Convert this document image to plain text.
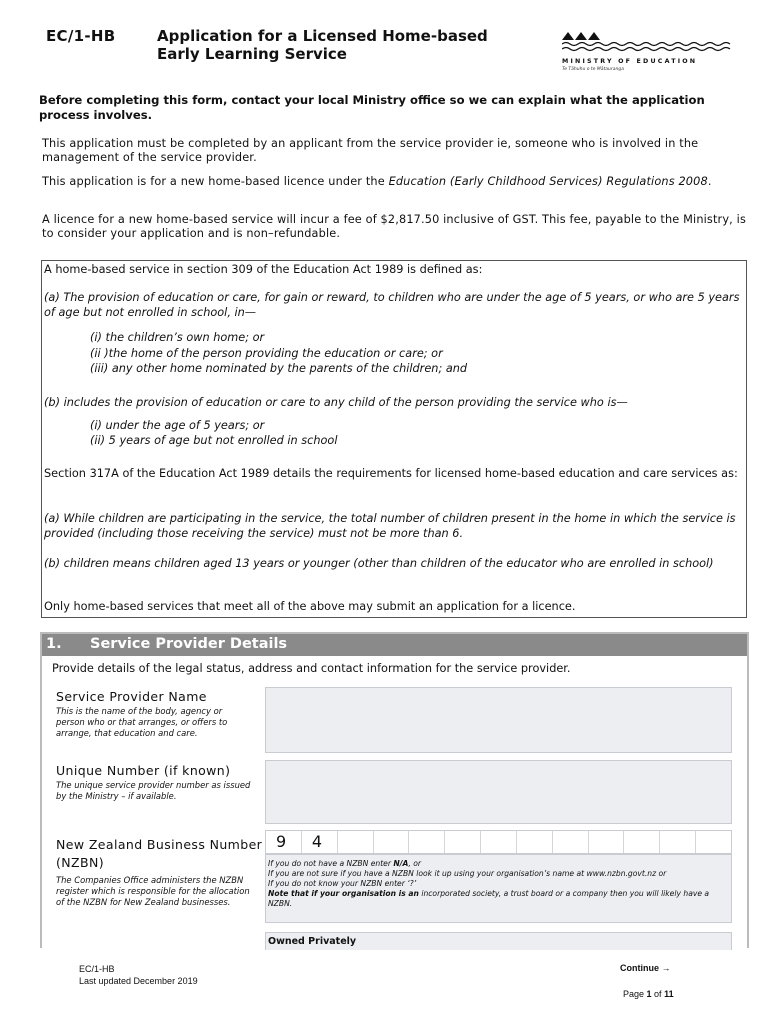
EC/1-HB	Application for a Licensed Home-based
Early Learning Service	MINISTRY OF EDUCATION
Te Tāhuhu o te Mātauranga
Before completing this form, contact your local Ministry office so we can explain what the application process involves.
This application must be completed by an applicant from the service provider ie, someone who is involved in the management of the service provider.
This application is for a new home-based licence under the Education (Early Childhood Services) Regulations 2008.
A licence for a new home-based service will incur a fee of $2,817.50 inclusive of GST. This fee, payable to the Ministry, is to consider your application and is non–refundable.
A home-based service in section 309 of the Education Act 1989 is defined as:
(a) The provision of education or care, for gain or reward, to children who are under the age of 5 years, or who are 5 years of age but not enrolled in school, in—
(i) the children’s own home; or
(ii )the home of the person providing the education or care; or
(iii) any other home nominated by the parents of the children; and
(b) includes the provision of education or care to any child of the person providing the service who is—
(i) under the age of 5 years; or
(ii) 5 years of age but not enrolled in school
Section 317A of the Education Act 1989 details the requirements for licensed home-based education and care services as:
(a) While children are participating in the service, the total number of children present in the home in which the service is provided (including those receiving the service) must not be more than 6.
(b) children means children aged 13 years or younger (other than children of the educator who are enrolled in school)
Only home-based services that meet all of the above may submit an application for a licence.
1. Service Provider Details
Provide details of the legal status, address and contact information for the service provider.
Service Provider Name
This is the name of the body, agency or person who or that arranges, or offers to arrange, that education and care.
Unique Number (if known)
The unique service provider number as issued by the Ministry – if available.
New Zealand Business Number
(NZBN)
The Companies Office administers the NZBN register which is responsible for the allocation of the NZBN for New Zealand businesses.
9	4
If you do not have a NZBN enter N/A, or
If you are not sure if you have a NZBN look it up using your organisation’s name at www.nzbn.govt.nz or
If you do not know your NZBN enter ‘?’
Note that if your organisation is an incorporated society, a trust board or a company then you will likely have a NZBN.
Owned Privately
EC/1-HB
Last updated December 2019
Continue →
Page 1 of 11
